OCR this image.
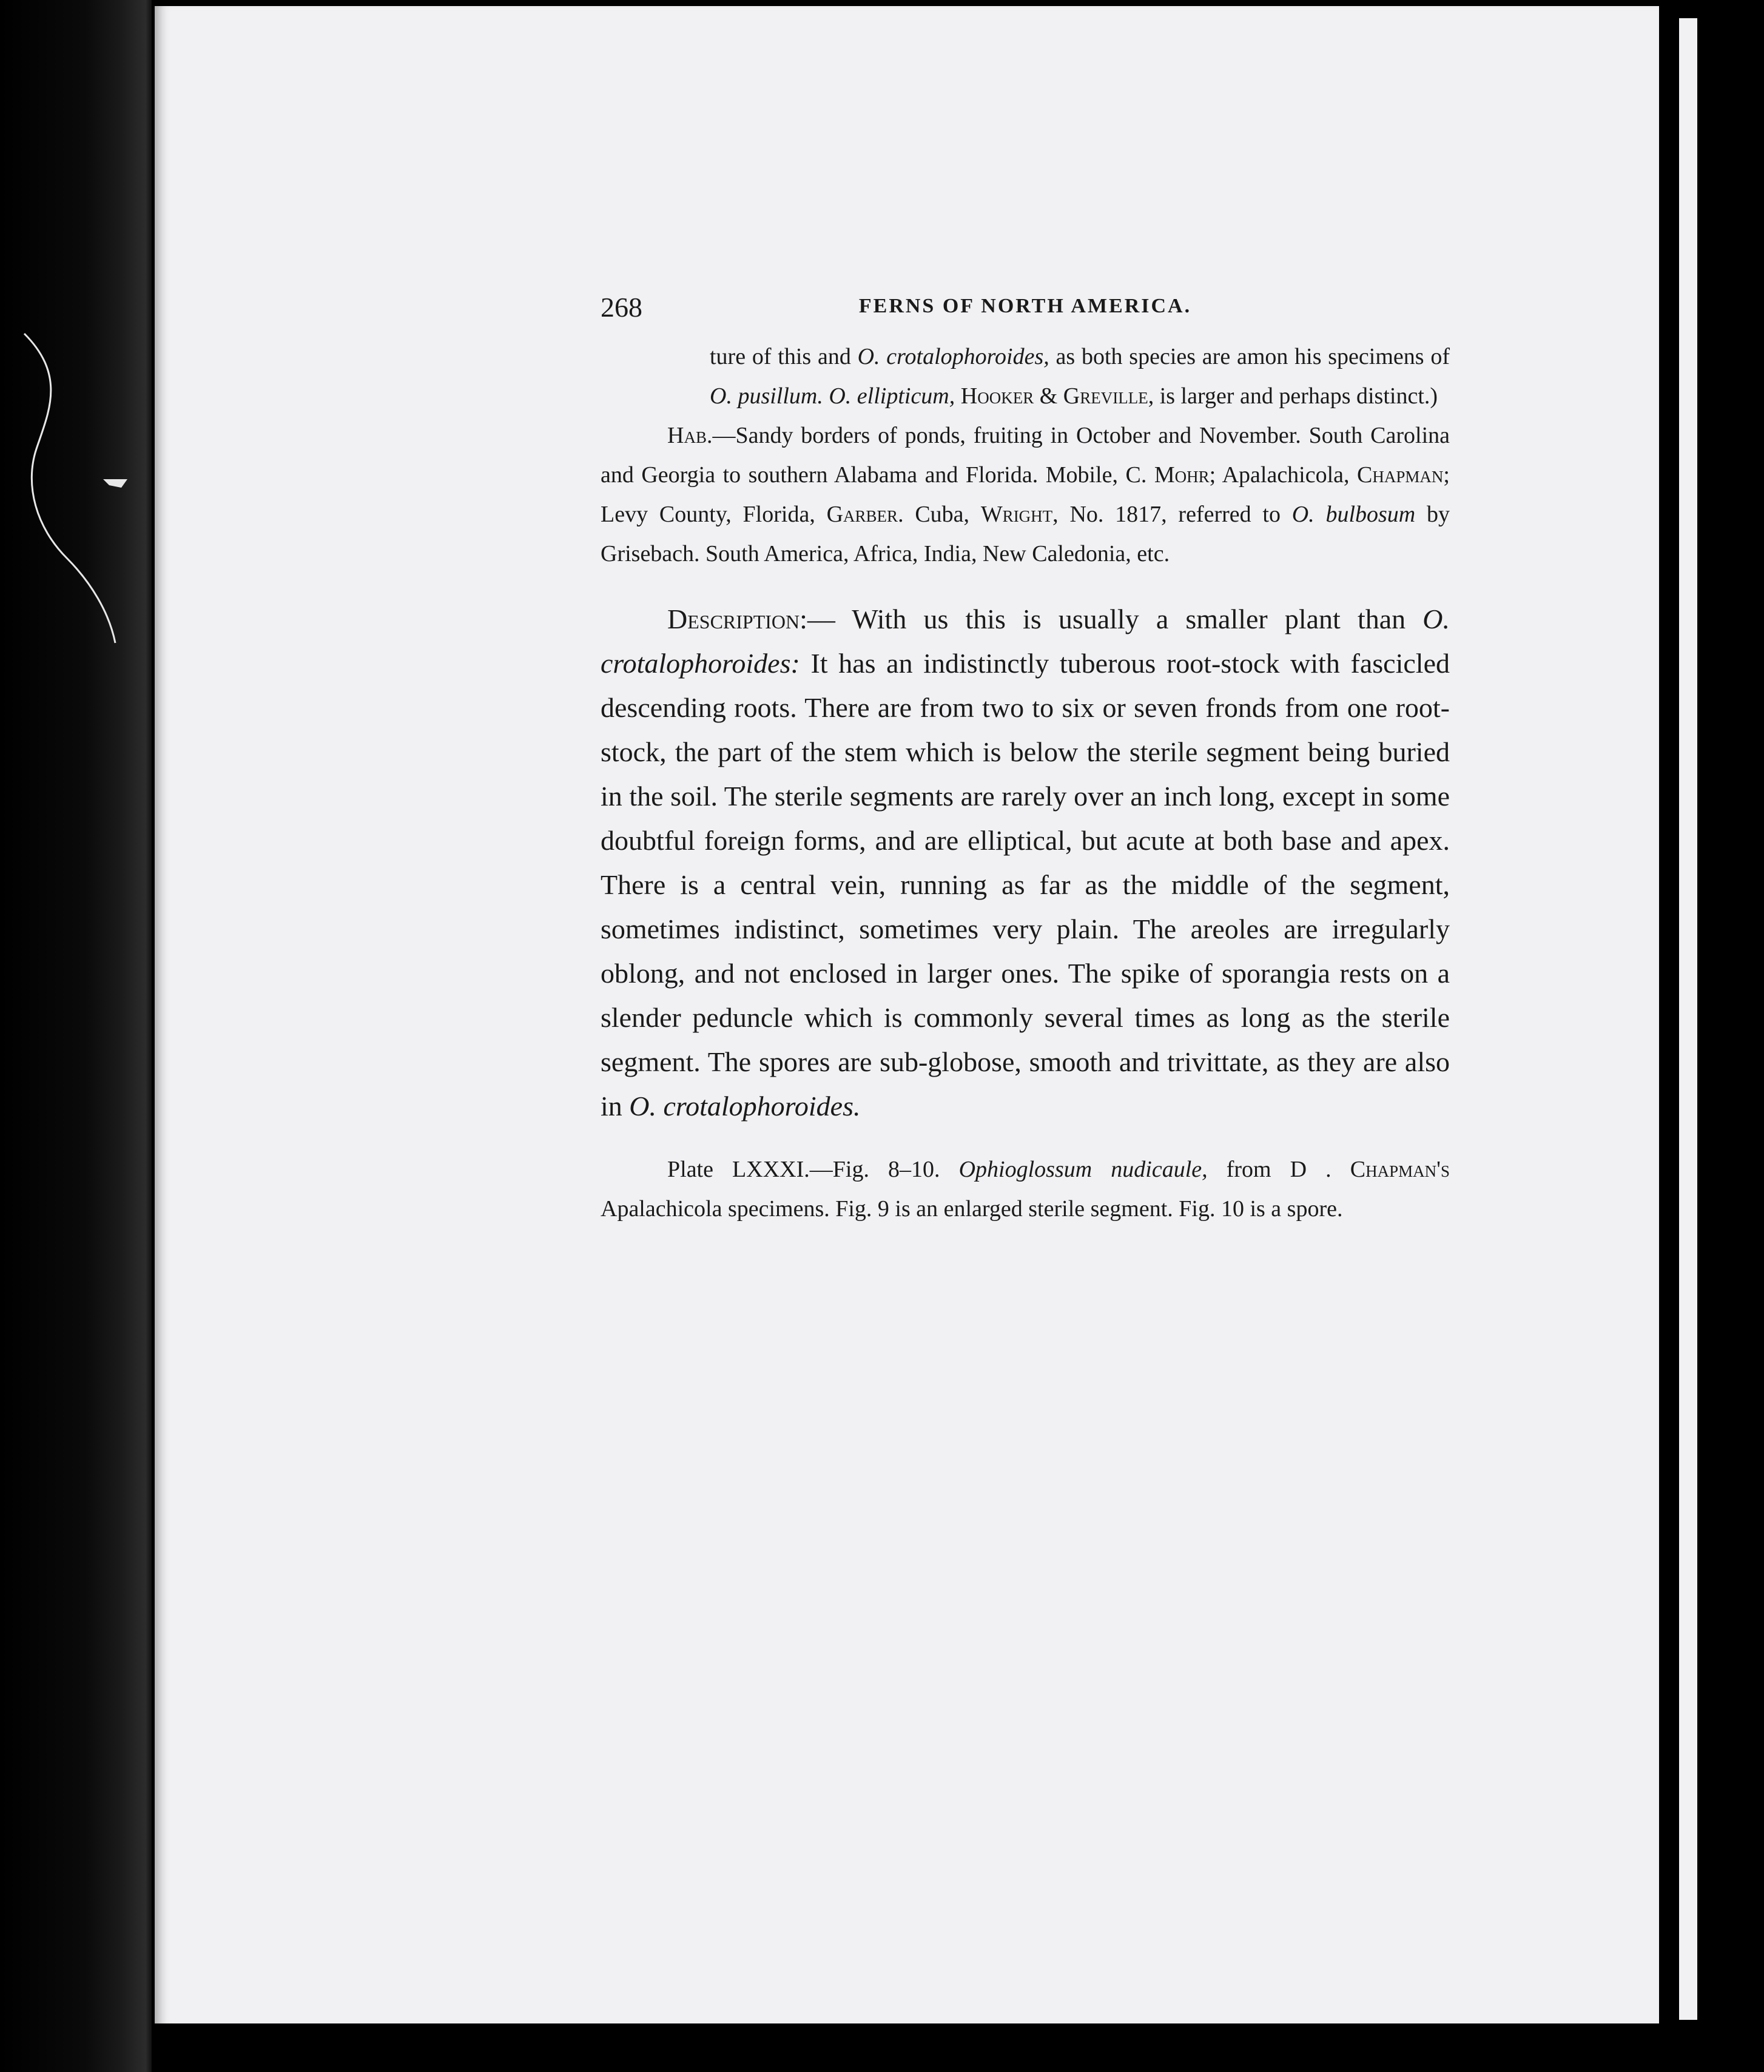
268	FERNS OF NORTH AMERICA.

ture of this and O. crotalophoroides, as both species are amon his specimens of O. pusillum. O. ellipticum, Hooker & Greville, is larger and perhaps distinct.)

Hab.—Sandy borders of ponds, fruiting in October and November. South Carolina and Georgia to southern Alabama and Florida. Mobile, C. Mohr; Apalachicola, Chapman; Levy County, Florida, Garber. Cuba, Wright, No. 1817, referred to O. bulbosum by Grisebach. South America, Africa, India, New Caledonia, etc.

Description:— With us this is usually a smaller plant than O. crotalophoroides: It has an indistinctly tuberous root-stock with fascicled descending roots. There are from two to six or seven fronds from one root-stock, the part of the stem which is below the sterile segment being buried in the soil. The sterile segments are rarely over an inch long, except in some doubtful foreign forms, and are elliptical, but acute at both base and apex. There is a central vein, running as far as the middle of the segment, sometimes indistinct, sometimes very plain. The areoles are irregularly oblong, and not enclosed in larger ones. The spike of sporangia rests on a slender peduncle which is commonly several times as long as the sterile segment. The spores are sub-globose, smooth and trivittate, as they are also in O. crotalophoroides.

Plate LXXXI.—Fig. 8–10. Ophioglossum nudicaule, from D . Chapman's Apalachicola specimens. Fig. 9 is an enlarged sterile segment. Fig. 10 is a spore.
